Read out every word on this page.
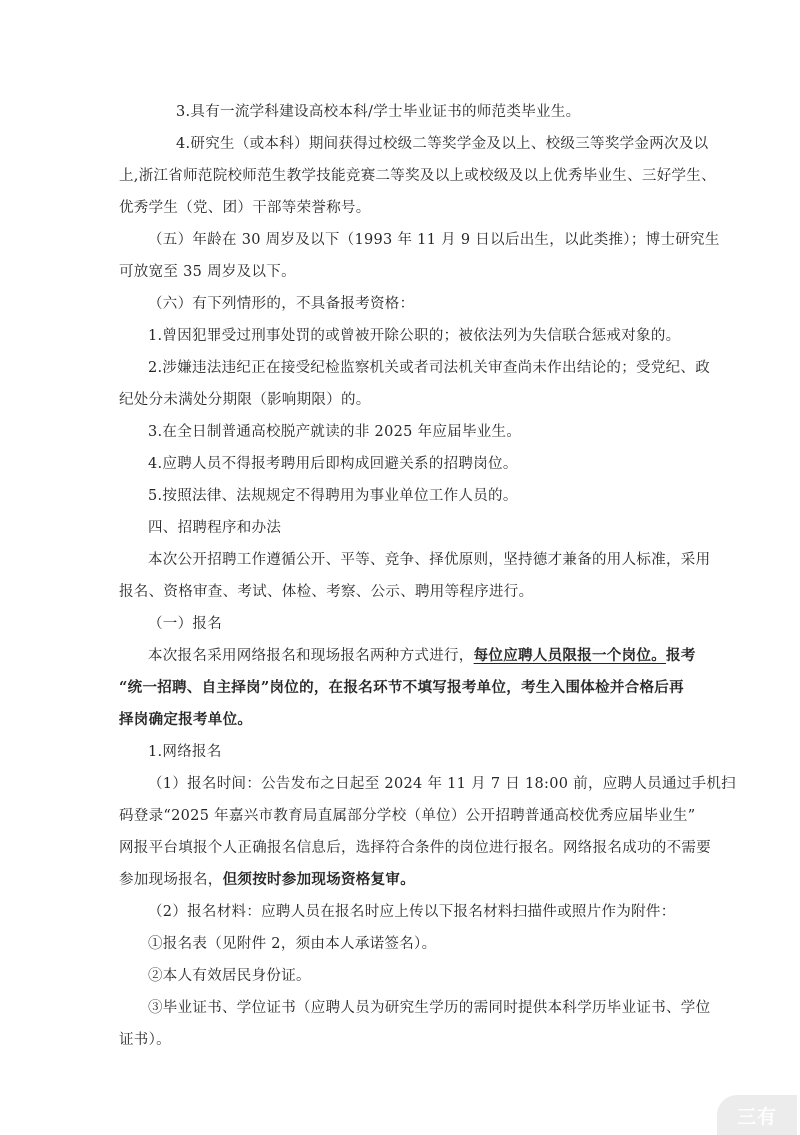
3.具有一流学科建设高校本科/学士毕业证书的师范类毕业生。
4.研究生（或本科）期间获得过校级二等奖学金及以上、校级三等奖学金两次及以
上,浙江省师范院校师范生教学技能竞赛二等奖及以上或校级及以上优秀毕业生、三好学生、
优秀学生（党、团）干部等荣誉称号。
（五）年龄在 30 周岁及以下（1993 年 11 月 9 日以后出生，以此类推）；博士研究生
可放宽至 35 周岁及以下。
（六）有下列情形的，不具备报考资格：
1.曾因犯罪受过刑事处罚的或曾被开除公职的；被依法列为失信联合惩戒对象的。
2.涉嫌违法违纪正在接受纪检监察机关或者司法机关审查尚未作出结论的；受党纪、政
纪处分未满处分期限（影响期限）的。
3.在全日制普通高校脱产就读的非 2025 年应届毕业生。
4.应聘人员不得报考聘用后即构成回避关系的招聘岗位。
5.按照法律、法规规定不得聘用为事业单位工作人员的。
四、招聘程序和办法
本次公开招聘工作遵循公开、平等、竞争、择优原则，坚持德才兼备的用人标准，采用
报名、资格审查、考试、体检、考察、公示、聘用等程序进行。
（一）报名
本次报名采用网络报名和现场报名两种方式进行，每位应聘人员限报一个岗位。报考
“统一招聘、自主择岗”岗位的，在报名环节不填写报考单位，考生入围体检并合格后再
择岗确定报考单位。
1.网络报名
（1）报名时间：公告发布之日起至 2024 年 11 月 7 日 18:00 前，应聘人员通过手机扫
码登录“2025 年嘉兴市教育局直属部分学校（单位）公开招聘普通高校优秀应届毕业生”
网报平台填报个人正确报名信息后，选择符合条件的岗位进行报名。网络报名成功的不需要
参加现场报名，但须按时参加现场资格复审。
（2）报名材料：应聘人员在报名时应上传以下报名材料扫描件或照片作为附件：
①报名表（见附件 2，须由本人承诺签名）。
②本人有效居民身份证。
③毕业证书、学位证书（应聘人员为研究生学历的需同时提供本科学历毕业证书、学位
证书）。
三有
